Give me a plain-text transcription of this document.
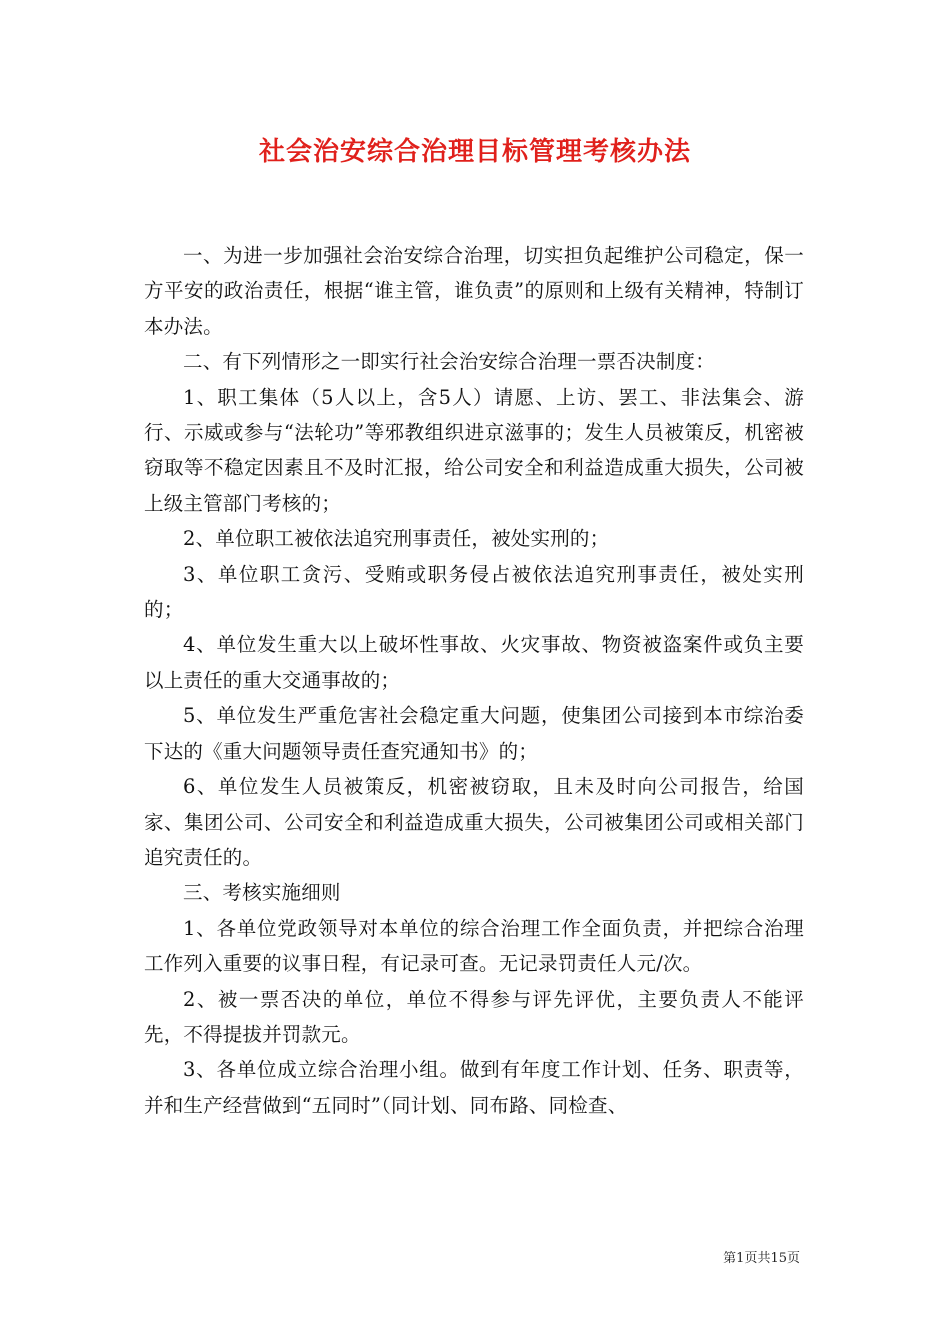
社会治安综合治理目标管理考核办法

一、为进一步加强社会治安综合治理，切实担负起维护公司稳定，保一方平安的政治责任，根据“谁主管，谁负责”的原则和上级有关精神，特制订本办法。

二、有下列情形之一即实行社会治安综合治理一票否决制度：

1、职工集体（5人以上，含5人）请愿、上访、罢工、非法集会、游行、示威或参与“法轮功”等邪教组织进京滋事的；发生人员被策反，机密被窃取等不稳定因素且不及时汇报，给公司安全和利益造成重大损失，公司被上级主管部门考核的；

2、单位职工被依法追究刑事责任，被处实刑的；

3、单位职工贪污、受贿或职务侵占被依法追究刑事责任，被处实刑的；

4、单位发生重大以上破坏性事故、火灾事故、物资被盗案件或负主要以上责任的重大交通事故的；

5、单位发生严重危害社会稳定重大问题，使集团公司接到本市综治委下达的《重大问题领导责任查究通知书》的；

6、单位发生人员被策反，机密被窃取，且未及时向公司报告，给国家、集团公司、公司安全和利益造成重大损失，公司被集团公司或相关部门追究责任的。

三、考核实施细则

1、各单位党政领导对本单位的综合治理工作全面负责，并把综合治理工作列入重要的议事日程，有记录可查。无记录罚责任人元/次。

2、被一票否决的单位，单位不得参与评先评优，主要负责人不能评先，不得提拔并罚款元。

3、各单位成立综合治理小组。做到有年度工作计划、任务、职责等，并和生产经营做到“五同时”（同计划、同布路、同检查、

第1页共15页
